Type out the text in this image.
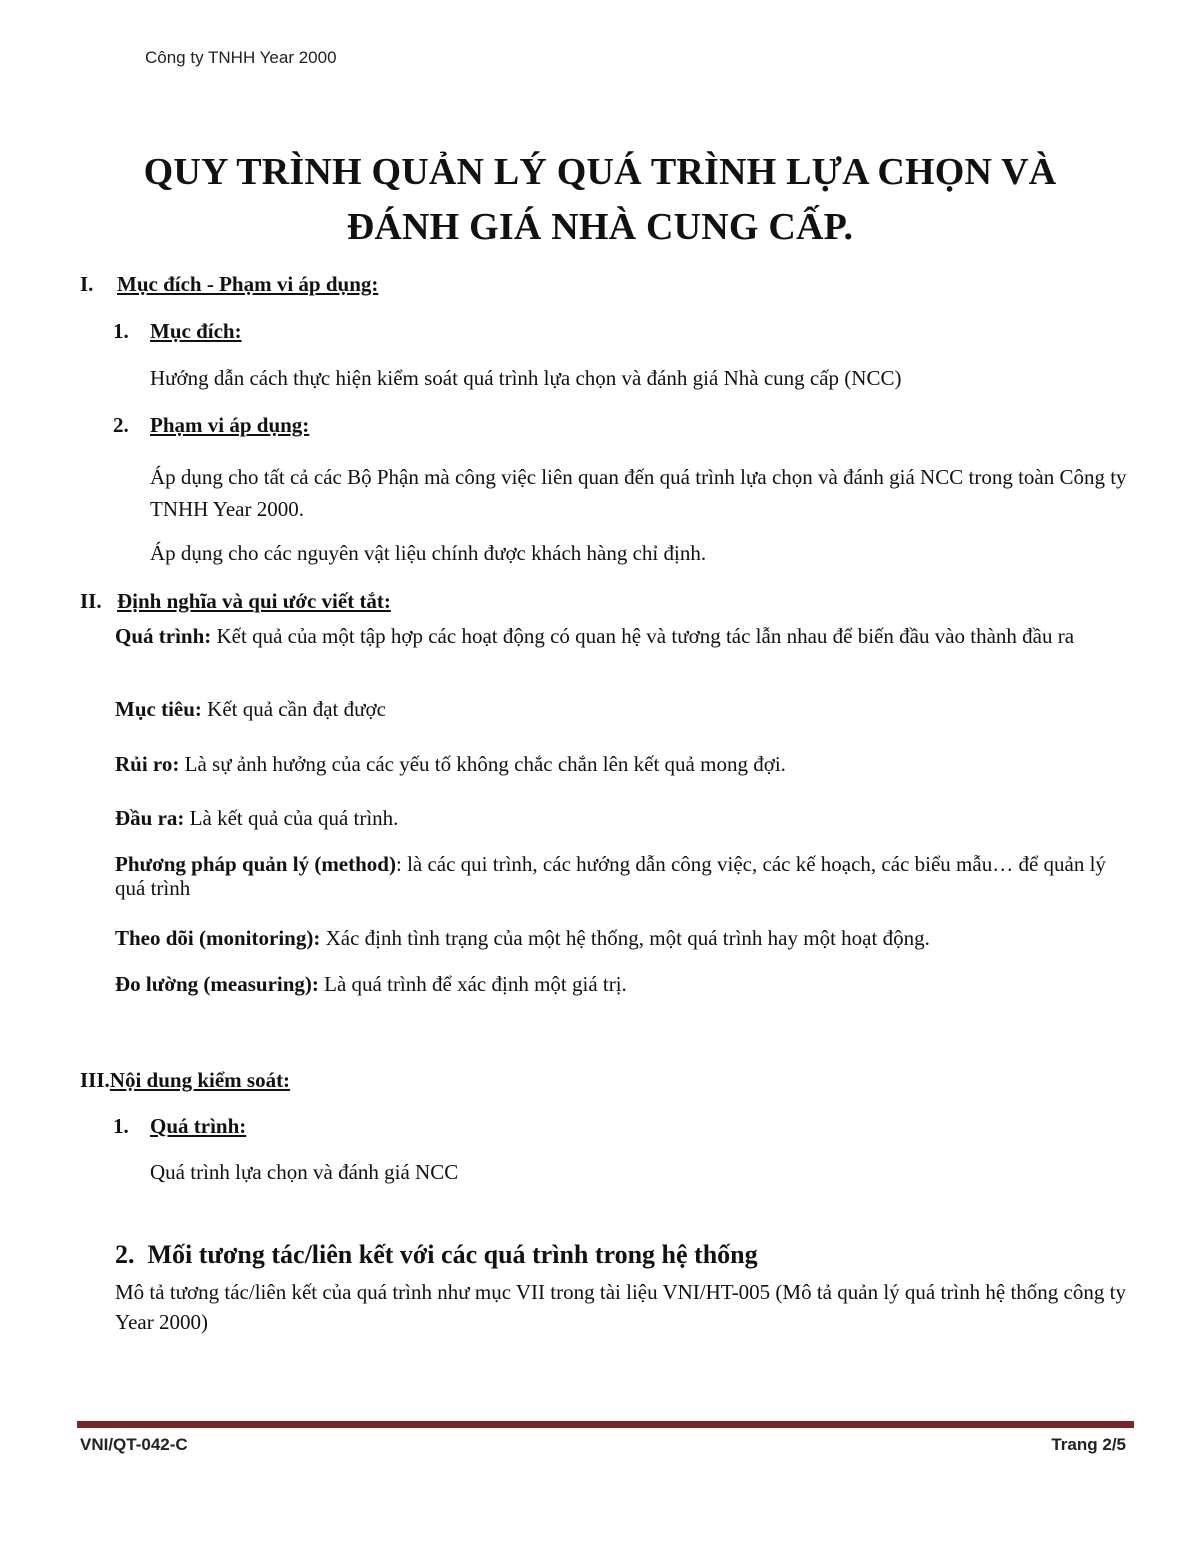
Công ty TNHH Year 2000
QUY TRÌNH QUẢN LÝ QUÁ TRÌNH LỰA CHỌN VÀ
ĐÁNH GIÁ NHÀ CUNG CẤP.
I. Mục đích - Phạm vi áp dụng:
1. Mục đích:
Hướng dẫn cách thực hiện kiểm soát quá trình lựa chọn và đánh giá Nhà cung cấp (NCC)
2. Phạm vi áp dụng:
Áp dụng cho tất cả các Bộ Phận mà công việc liên quan đến quá trình lựa chọn và đánh giá NCC trong toàn Công ty TNHH Year 2000.
Áp dụng cho các nguyên vật liệu chính được khách hàng chỉ định.
II. Định nghĩa và qui ước viết tắt:
Quá trình: Kết quả của một tập hợp các hoạt động có quan hệ và tương tác lẫn nhau để biến đầu vào thành đầu ra
Mục tiêu: Kết quả cần đạt được
Rủi ro: Là sự ảnh hưởng của các yếu tố không chắc chắn lên kết quả mong đợi.
Đầu ra: Là kết quả của quá trình.
Phương pháp quản lý (method): là các qui trình, các hướng dẫn công việc, các kế hoạch, các biểu mẫu… để quản lý quá trình
Theo dõi (monitoring): Xác định tình trạng của một hệ thống, một quá trình hay một hoạt động.
Đo lường (measuring): Là quá trình để xác định một giá trị.
III.Nội dung kiểm soát:
1. Quá trình:
Quá trình lựa chọn và đánh giá NCC
2. Mối tương tác/liên kết với các quá trình trong hệ thống
Mô tả tương tác/liên kết của quá trình như mục VII trong tài liệu VNI/HT-005 (Mô tả quản lý quá trình hệ thống công ty Year 2000)
VNI/QT-042-C	Trang 2/5
